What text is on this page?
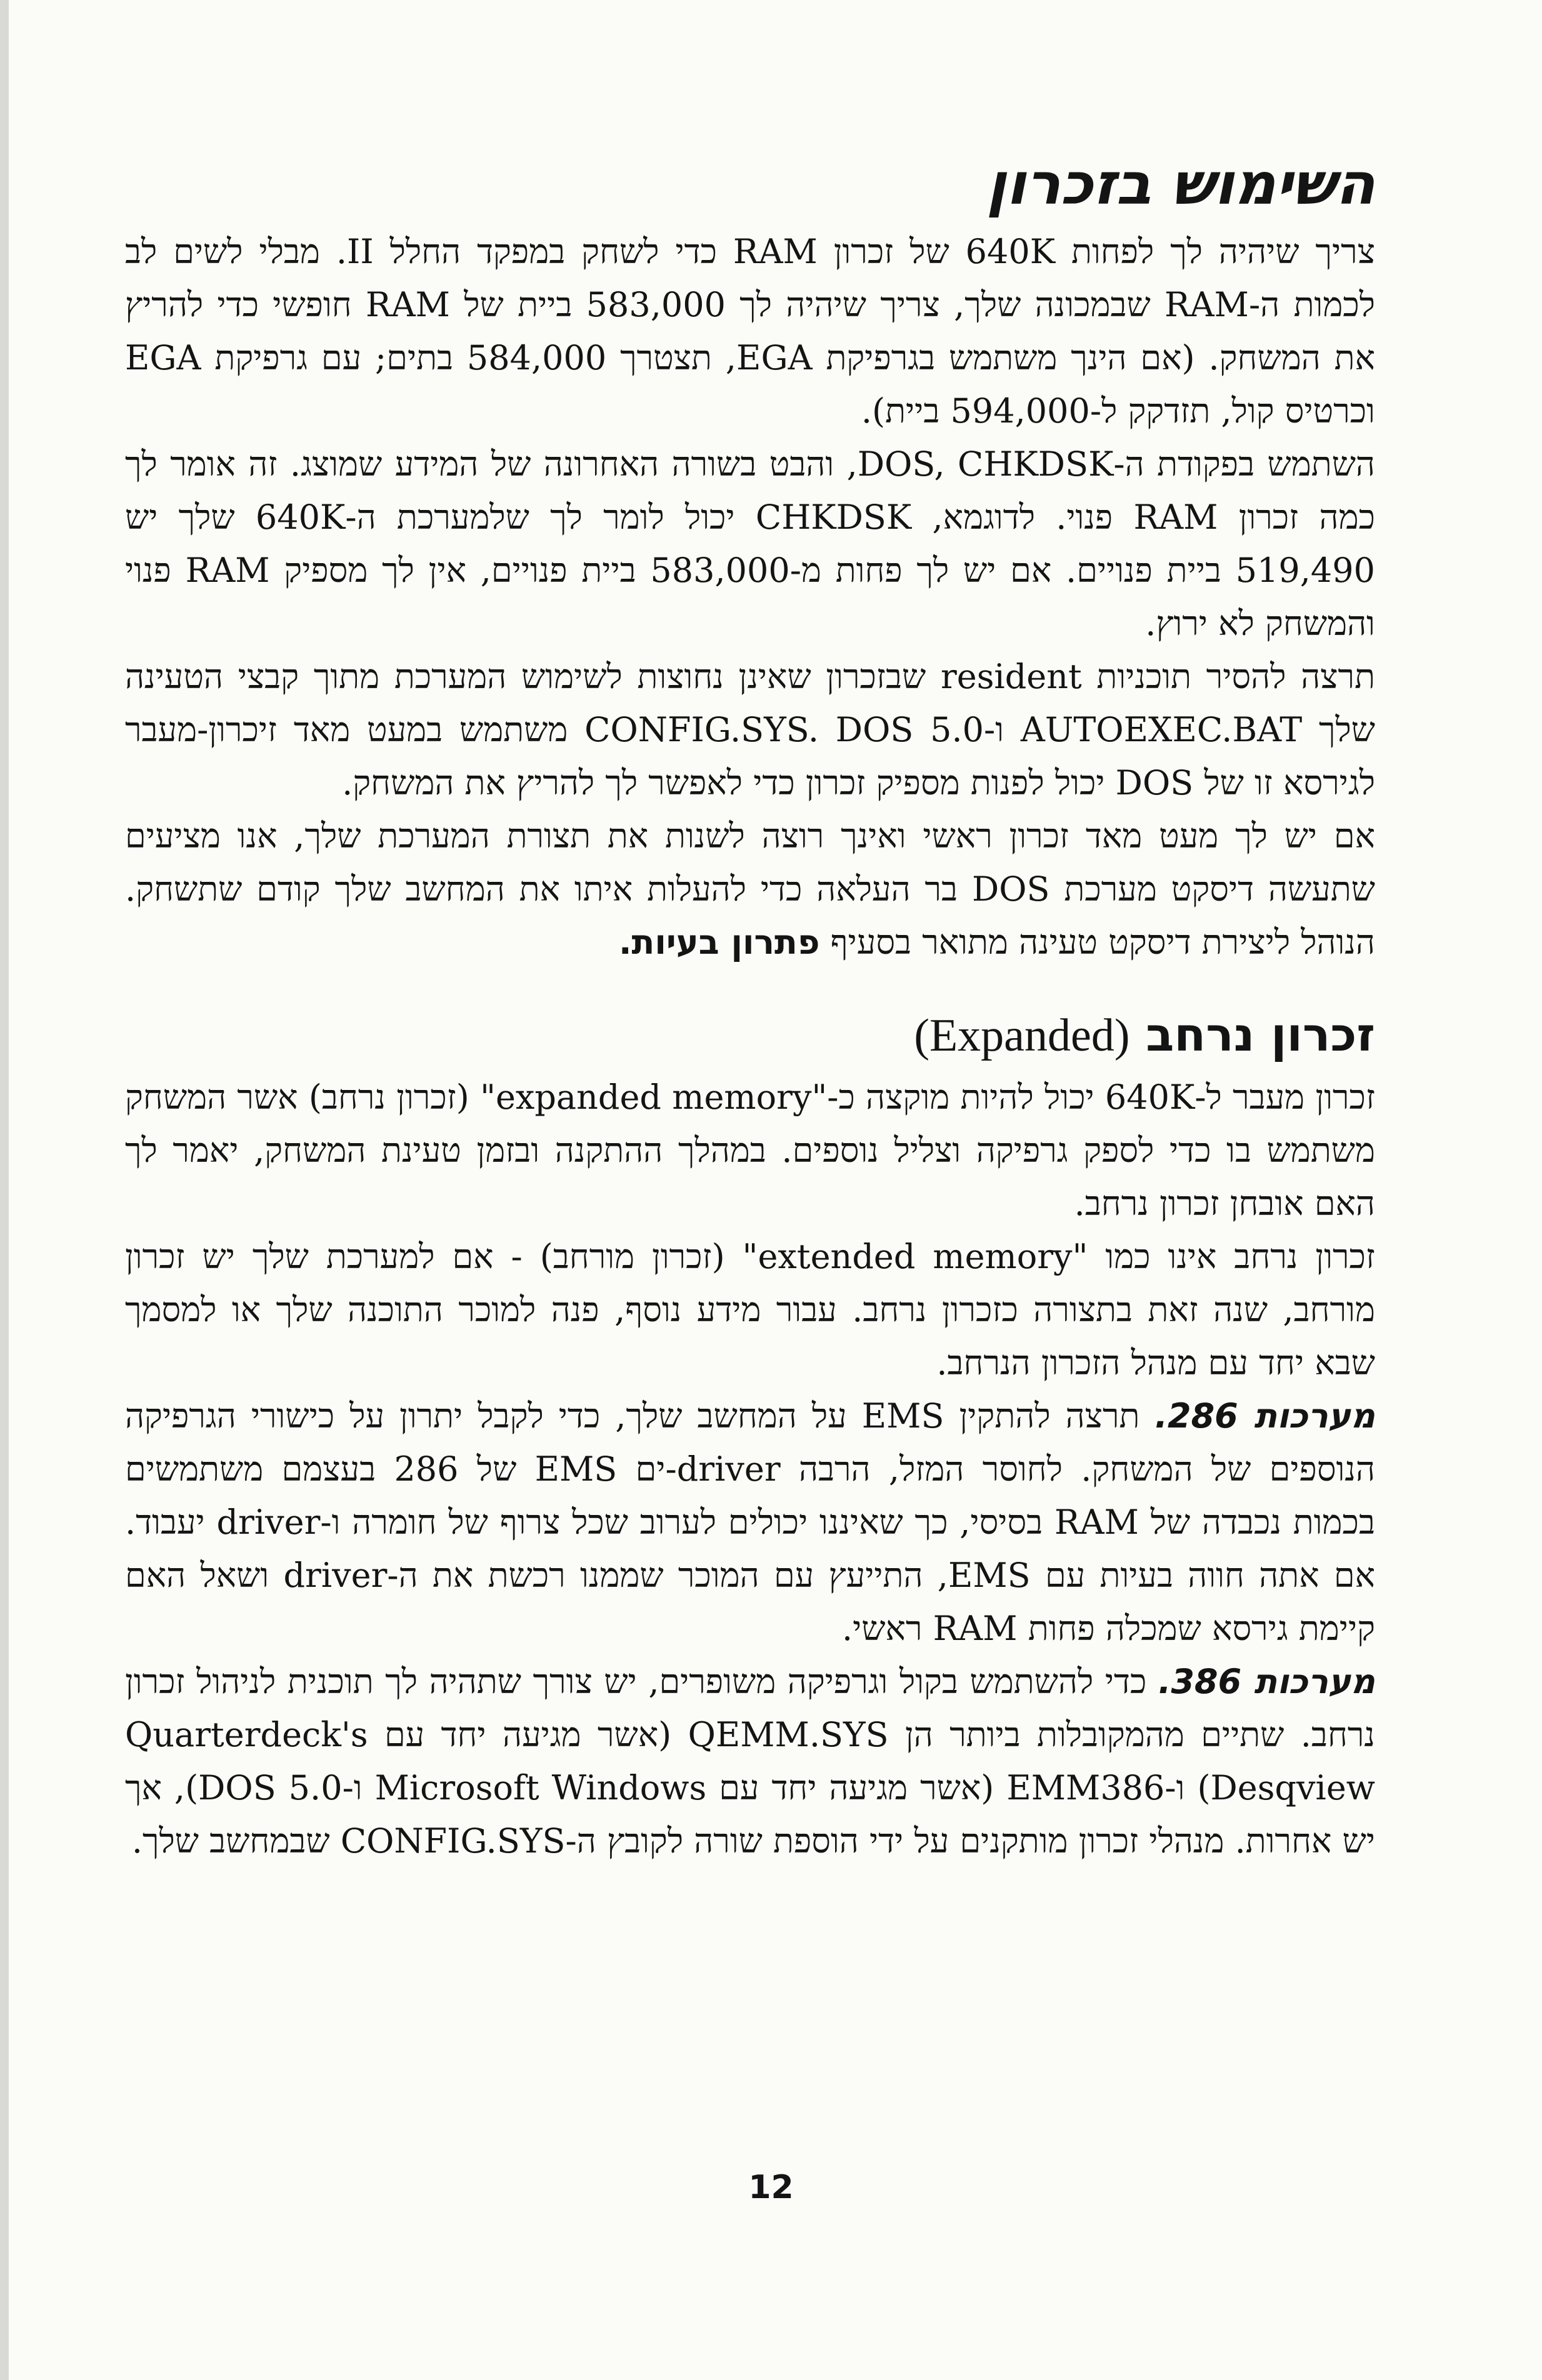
השימוש בזכרון

צריך שיהיה לך לפחות 640K של זכרון RAM כדי לשחק במפקד החלל II. מבלי לשים לב לכמות ה-RAM שבמכונה שלך, צריך שיהיה לך 583,000 ביית של RAM חופשי כדי להריץ את המשחק. (אם הינך משתמש בגרפיקת EGA, תצטרך 584,000 בתים; עם גרפיקת EGA וכרטיס קול, תזדקק ל-594,000 ביית).

השתמש בפקודת ה-DOS, CHKDSK, והבט בשורה האחרונה של המידע שמוצג. זה אומר לך כמה זכרון RAM פנוי. לדוגמא, CHKDSK יכול לומר לך שלמערכת ה-640K שלך יש 519,490 ביית פנויים. אם יש לך פחות מ-583,000 ביית פנויים, אין לך מספיק RAM פנוי והמשחק לא ירוץ.

תרצה להסיר תוכניות resident שבזכרון שאינן נחוצות לשימוש המערכת מתוך קבצי הטעינה שלך AUTOEXEC.BAT ו-CONFIG.SYS. DOS 5.0 משתמש במעט מאד זיכרון-מעבר לגירסא זו של DOS יכול לפנות מספיק זכרון כדי לאפשר לך להריץ את המשחק.

אם יש לך מעט מאד זכרון ראשי ואינך רוצה לשנות את תצורת המערכת שלך, אנו מציעים שתעשה דיסקט מערכת DOS בר העלאה כדי להעלות איתו את המחשב שלך קודם שתשחק. הנוהל ליצירת דיסקט טעינה מתואר בסעיף פתרון בעיות.

זכרון נרחב (Expanded)

זכרון מעבר ל-640K יכול להיות מוקצה כ-"expanded memory" (זכרון נרחב) אשר המשחק משתמש בו כדי לספק גרפיקה וצליל נוספים. במהלך ההתקנה ובזמן טעינת המשחק, יאמר לך האם אובחן זכרון נרחב.

זכרון נרחב אינו כמו "extended memory" (זכרון מורחב) - אם למערכת שלך יש זכרון מורחב, שנה זאת בתצורה כזכרון נרחב. עבור מידע נוסף, פנה למוכר התוכנה שלך או למסמך שבא יחד עם מנהל הזכרון הנרחב.

מערכות 286. תרצה להתקין EMS על המחשב שלך, כדי לקבל יתרון על כישורי הגרפיקה הנוספים של המשחק. לחוסר המזל, הרבה driver-ים EMS של 286 בעצמם משתמשים בכמות נכבדה של RAM בסיסי, כך שאיננו יכולים לערוב שכל צרוף של חומרה ו-driver יעבוד. אם אתה חווה בעיות עם EMS, התייעץ עם המוכר שממנו רכשת את ה-driver ושאל האם קיימת גירסא שמכלה פחות RAM ראשי.

מערכות 386. כדי להשתמש בקול וגרפיקה משופרים, יש צורך שתהיה לך תוכנית לניהול זכרון נרחב. שתיים מהמקובלות ביותר הן QEMM.SYS (אשר מגיעה יחד עם Quarterdeck's Desqview) ו-EMM386 (אשר מגיעה יחד עם Microsoft Windows ו-DOS 5.0), אך יש אחרות. מנהלי זכרון מותקנים על ידי הוספת שורה לקובץ ה-CONFIG.SYS שבמחשב שלך.

12
